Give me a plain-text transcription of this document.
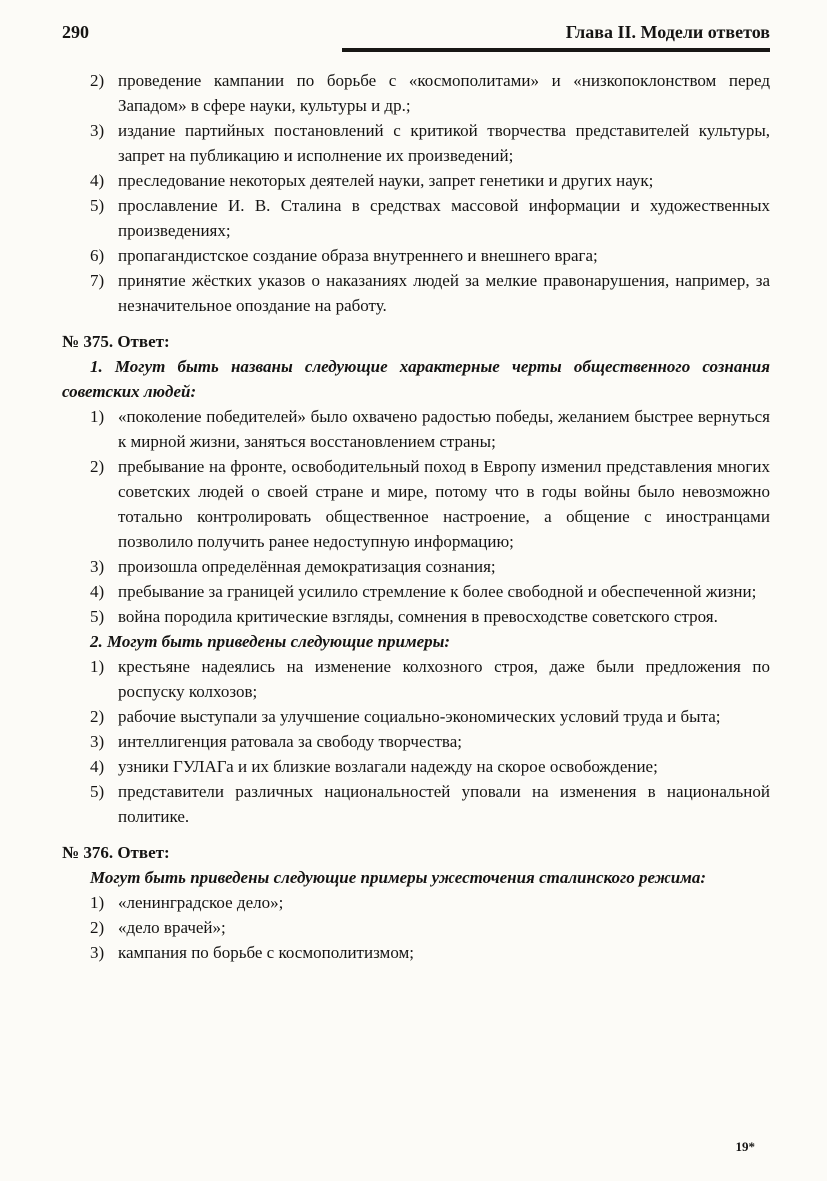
290	Глава II. Модели ответов

2) проведение кампании по борьбе с «космополитами» и «низкопоклонством перед Западом» в сфере науки, культуры и др.;

3) издание партийных постановлений с критикой творчества представителей культуры, запрет на публикацию и исполнение их произведений;

4) преследование некоторых деятелей науки, запрет генетики и других наук;

5) прославление И. В. Сталина в средствах массовой информации и художественных произведениях;

6) пропагандистское создание образа внутреннего и внешнего врага;

7) принятие жёстких указов о наказаниях людей за мелкие правонарушения, например, за незначительное опоздание на работу.

№ 375. Ответ:

1. Могут быть названы следующие характерные черты общественного сознания советских людей:

1) «поколение победителей» было охвачено радостью победы, желанием быстрее вернуться к мирной жизни, заняться восстановлением страны;

2) пребывание на фронте, освободительный поход в Европу изменил представления многих советских людей о своей стране и мире, потому что в годы войны было невозможно тотально контролировать общественное настроение, а общение с иностранцами позволило получить ранее недоступную информацию;

3) произошла определённая демократизация сознания;

4) пребывание за границей усилило стремление к более свободной и обеспеченной жизни;

5) война породила критические взгляды, сомнения в превосходстве советского строя.

2. Могут быть приведены следующие примеры:

1) крестьяне надеялись на изменение колхозного строя, даже были предложения по роспуску колхозов;

2) рабочие выступали за улучшение социально-экономических условий труда и быта;

3) интеллигенция ратовала за свободу творчества;

4) узники ГУЛАГа и их близкие возлагали надежду на скорое освобождение;

5) представители различных национальностей уповали на изменения в национальной политике.

№ 376. Ответ:

Могут быть приведены следующие примеры ужесточения сталинского режима:

1) «ленинградское дело»;

2) «дело врачей»;

3) кампания по борьбе с космополитизмом;

19*
